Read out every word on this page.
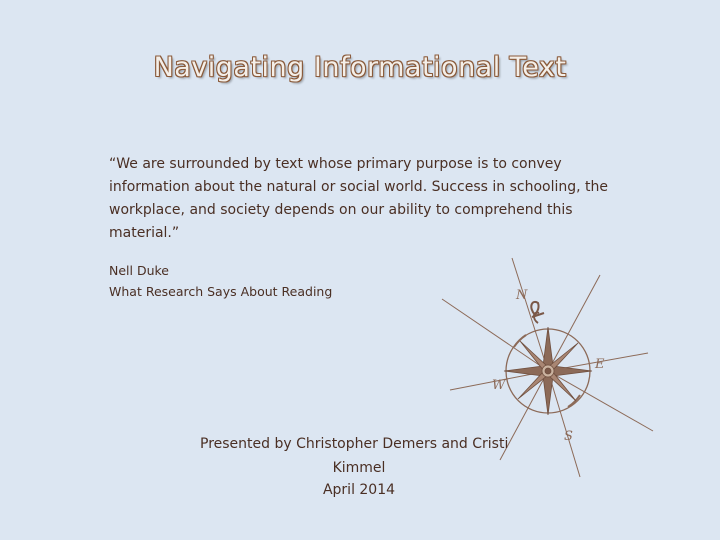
Navigating Informational Text
“We are surrounded by text whose primary purpose is to convey information about the natural or social world. Success in schooling, the workplace, and society depends on our ability to comprehend this material.”
Nell Duke
What Research Says About Reading	N
E
S
W
Presented by Christopher Demers and Cristi
Kimmel
April 2014
